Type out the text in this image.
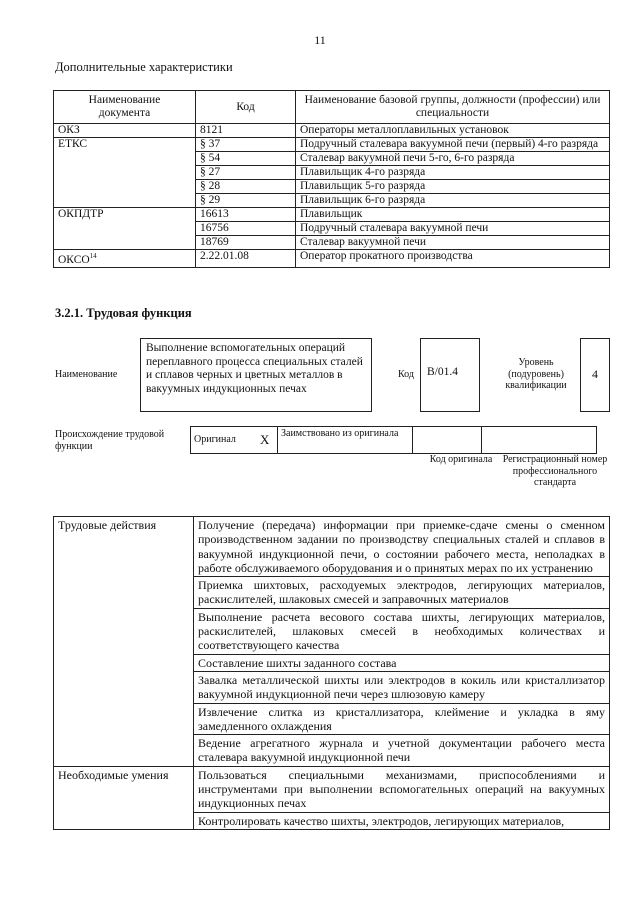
11
Дополнительные характеристики
Наименование документа	Код	Наименование базовой группы, должности (профессии) или специальности
ОКЗ	8121	Операторы металлоплавильных установок
ЕТКС	§ 37	Подручный сталевара вакуумной печи (первый) 4-го разряда
	§ 54	Сталевар вакуумной печи 5-го, 6-го разряда
	§ 27	Плавильщик 4-го разряда
	§ 28	Плавильщик 5-го разряда
	§ 29	Плавильщик 6-го разряда
ОКПДТР	16613	Плавильщик
	16756	Подручный сталевара вакуумной печи
	18769	Сталевар вакуумной печи
ОКСО$^{14}$	2.22.01.08	Оператор прокатного производства
3.2.1. Трудовая функция
Наименование
Выполнение вспомогательных операций переплавного процесса специальных сталей и сплавов черных и цветных металлов в вакуумных индукционных печах
Код	B/01.4
Уровень (подуровень) квалификации
4
Происхождение трудовой функции
Оригинал	X	Заимствовано из оригинала		
Код оригинала Регистрационный номер профессионального стандарта
Трудовые действия	Получение (передача) информации при приемке-сдаче смены о сменном производственном задании по производству специальных сталей и сплавов в вакуумной индукционной печи, о состоянии рабочего места, неполадках в работе обслуживаемого оборудования и о принятых мерах по их устранению
	Приемка шихтовых, расходуемых электродов, легирующих материалов, раскислителей, шлаковых смесей и заправочных материалов
	Выполнение расчета весового состава шихты, легирующих материалов, раскислителей, шлаковых смесей в необходимых количествах и соответствующего качества
	Составление шихты заданного состава
	Завалка металлической шихты или электродов в кокиль или кристаллизатор вакуумной индукционной печи через шлюзовую камеру
	Извлечение слитка из кристаллизатора, клеймение и укладка в яму замедленного охлаждения
	Ведение агрегатного журнала и учетной документации рабочего места сталевара вакуумной индукционной печи
Необходимые умения	Пользоваться специальными механизмами, приспособлениями и инструментами при выполнении вспомогательных операций на вакуумных индукционных печах
	Контролировать качество шихты, электродов, легирующих материалов,
